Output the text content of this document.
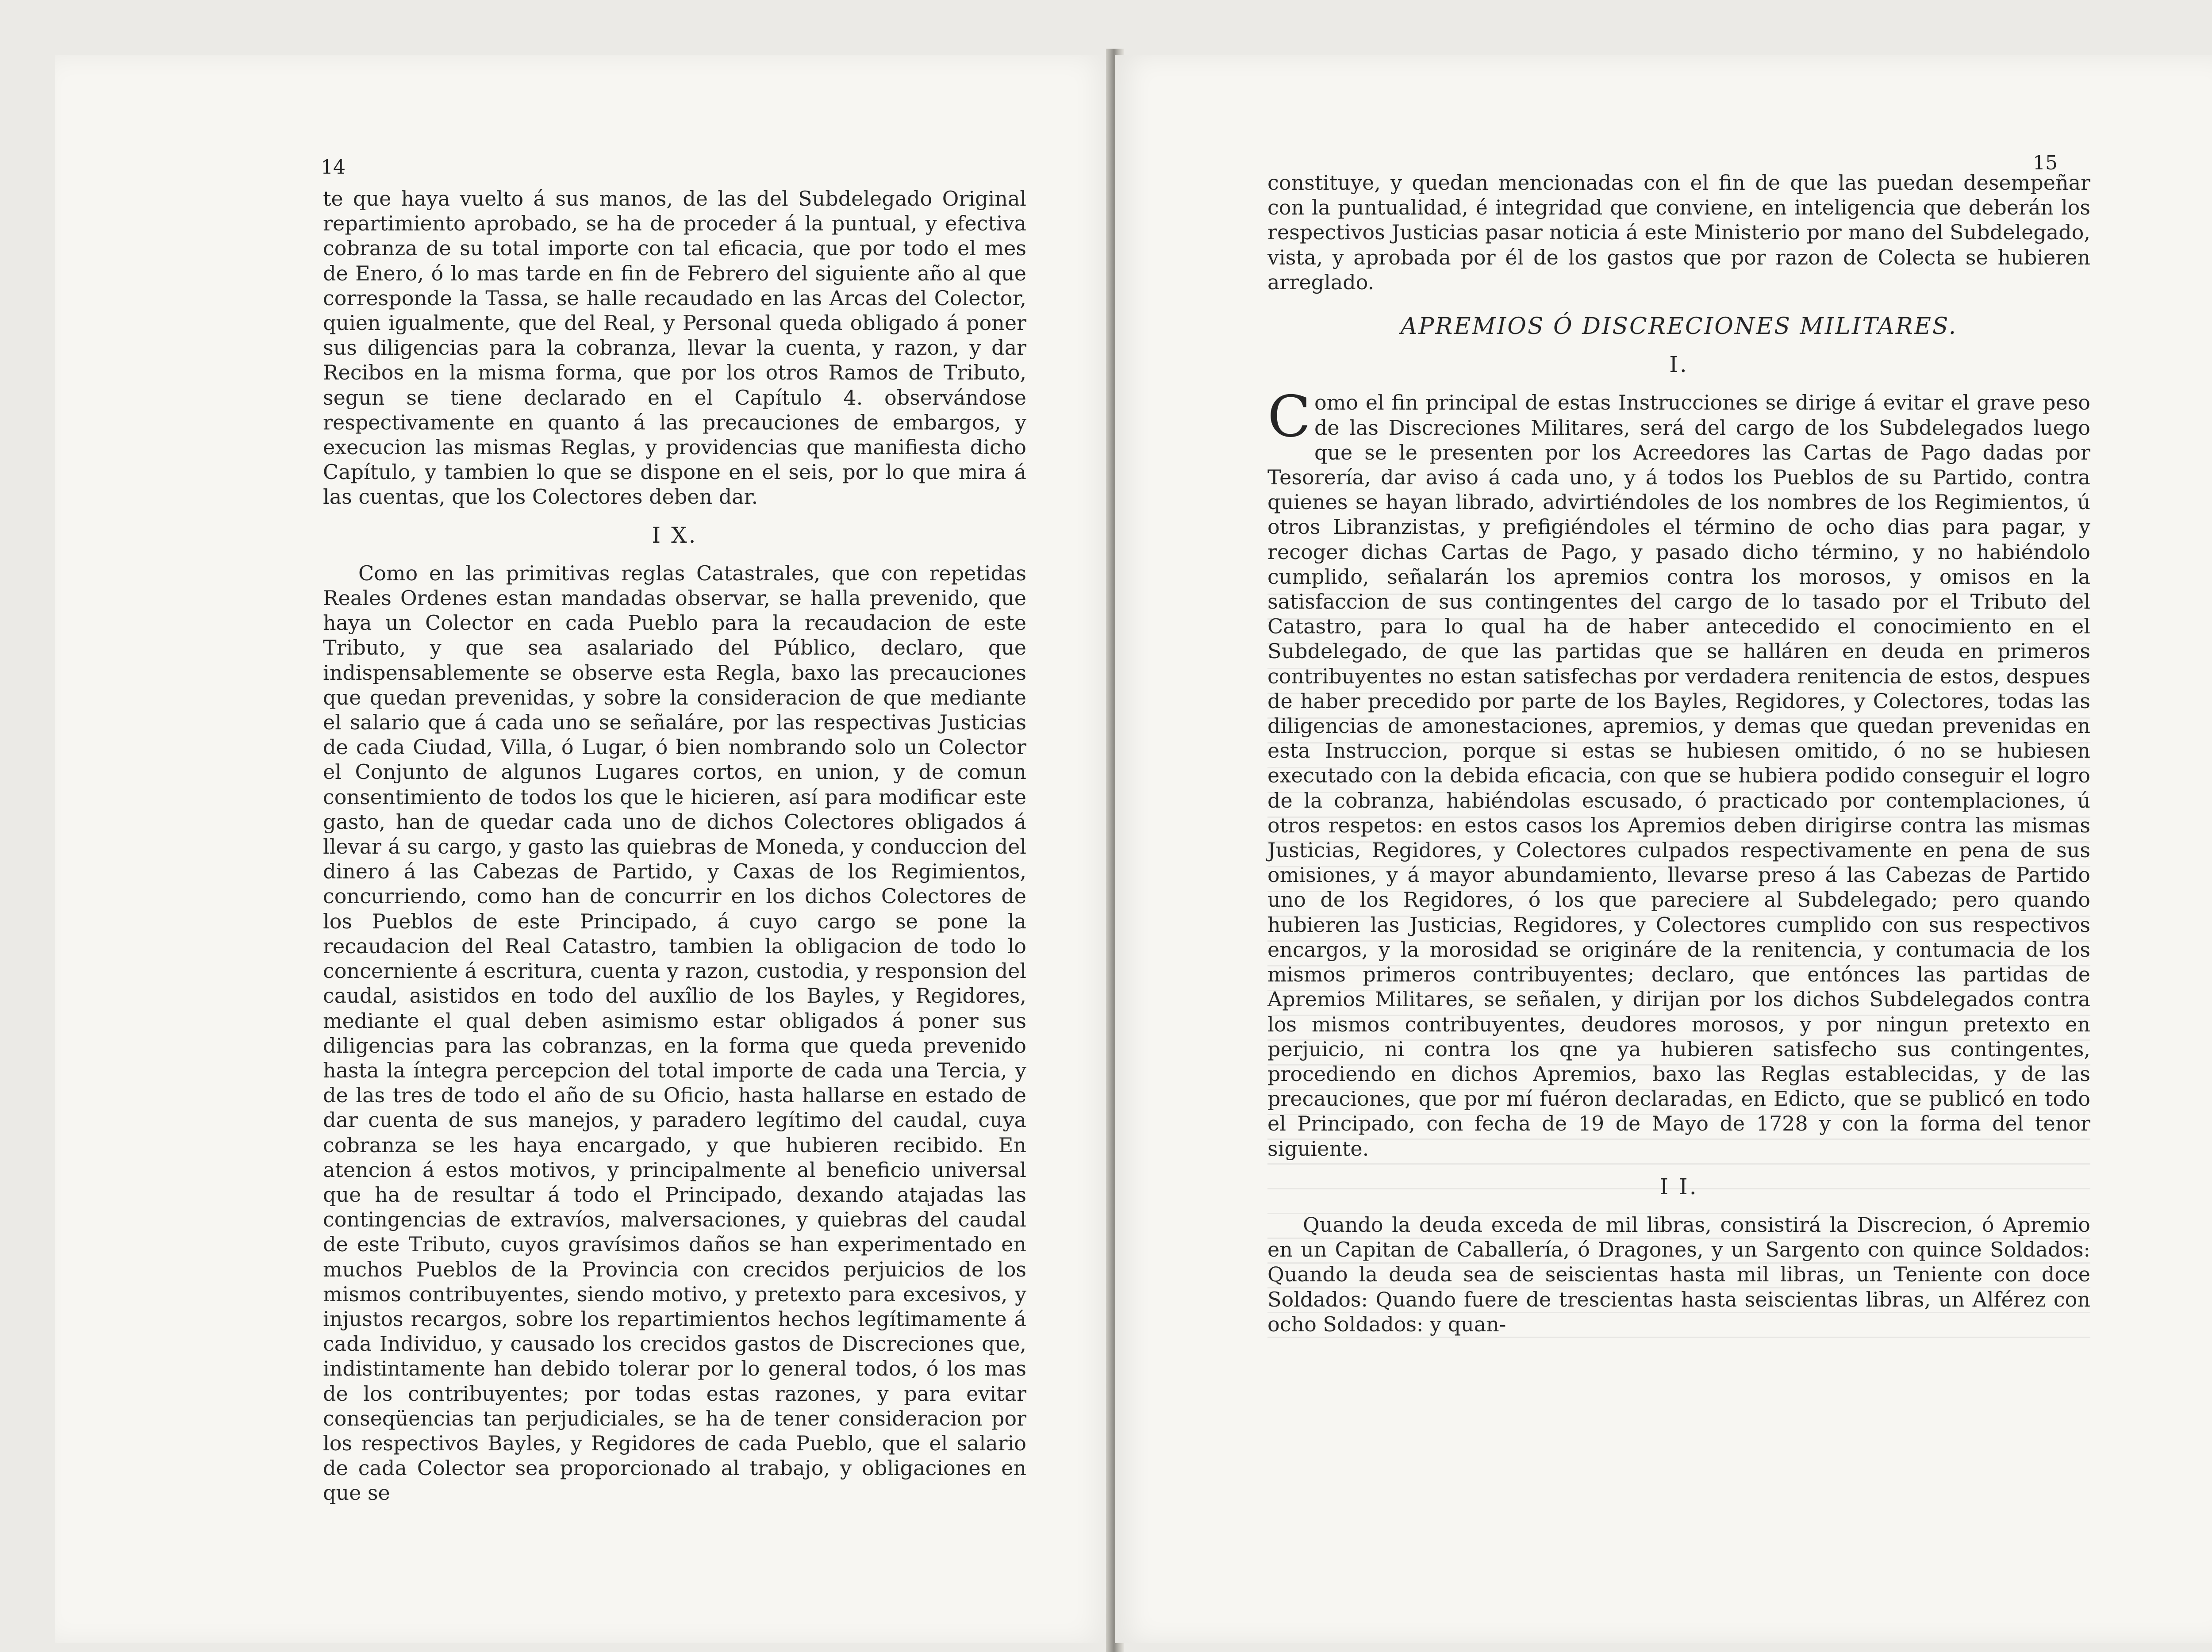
14

te que haya vuelto á sus manos, de las del Subdelegado Original repartimiento aprobado, se ha de proceder á la puntual, y efectiva cobranza de su total importe con tal eficacia, que por todo el mes de Enero, ó lo mas tarde en fin de Febrero del siguiente año al que corresponde la Tassa, se halle recaudado en las Arcas del Colector, quien igualmente, que del Real, y Personal queda obligado á poner sus diligencias para la cobranza, llevar la cuenta, y razon, y dar Recibos en la misma forma, que por los otros Ramos de Tributo, segun se tiene declarado en el Capítulo 4. observándose respectivamente en quanto á las precauciones de embargos, y execucion las mismas Reglas, y providencias que manifiesta dicho Capítulo, y tambien lo que se dispone en el seis, por lo que mira á las cuentas, que los Colectores deben dar.

I X.

Como en las primitivas reglas Catastrales, que con repetidas Reales Ordenes estan mandadas observar, se halla prevenido, que haya un Colector en cada Pueblo para la recaudacion de este Tributo, y que sea asalariado del Público, declaro, que indispensablemente se observe esta Regla, baxo las precauciones que quedan prevenidas, y sobre la consideracion de que mediante el salario que á cada uno se señaláre, por las respectivas Justicias de cada Ciudad, Villa, ó Lugar, ó bien nombrando solo un Colector el Conjunto de algunos Lugares cortos, en union, y de comun consentimiento de todos los que le hicieren, así para modificar este gasto, han de quedar cada uno de dichos Colectores obligados á llevar á su cargo, y gasto las quiebras de Moneda, y conduccion del dinero á las Cabezas de Partido, y Caxas de los Regimientos, concurriendo, como han de concurrir en los dichos Colectores de los Pueblos de este Principado, á cuyo cargo se pone la recaudacion del Real Catastro, tambien la obligacion de todo lo concerniente á escritura, cuenta y razon, custodia, y responsion del caudal, asistidos en todo del auxîlio de los Bayles, y Regidores, mediante el qual deben asimismo estar obligados á poner sus diligencias para las cobranzas, en la forma que queda prevenido hasta la íntegra percepcion del total importe de cada una Tercia, y de las tres de todo el año de su Oficio, hasta hallarse en estado de dar cuenta de sus manejos, y paradero legítimo del caudal, cuya cobranza se les haya encargado, y que hubieren recibido. En atencion á estos motivos, y principalmente al beneficio universal que ha de resultar á todo el Principado, dexando atajadas las contingencias de extravíos, malversaciones, y quiebras del caudal de este Tributo, cuyos gravísimos daños se han experimentado en muchos Pueblos de la Provincia con crecidos perjuicios de los mismos contribuyentes, siendo motivo, y pretexto para excesivos, y injustos recargos, sobre los repartimientos hechos legítimamente á cada Individuo, y causado los crecidos gastos de Discreciones que, indistintamente han debido tolerar por lo general todos, ó los mas de los contribuyentes; por todas estas razones, y para evitar conseqüencias tan perjudiciales, se ha de tener consideracion por los respectivos Bayles, y Regidores de cada Pueblo, que el salario de cada Colector sea proporcionado al trabajo, y obligaciones en que se

15

constituye, y quedan mencionadas con el fin de que las puedan desempeñar con la puntualidad, é integridad que conviene, en inteligencia que deberán los respectivos Justicias pasar noticia á este Ministerio por mano del Subdelegado, vista, y aprobada por él de los gastos que por razon de Colecta se hubieren arreglado.

APREMIOS Ó DISCRECIONES MILITARES.
I.
C omo el fin principal de estas Instrucciones se dirige á evitar el grave peso de las Discreciones Militares, será del cargo de los Subdelegados luego que se le presenten por los Acreedores las Cartas de Pago dadas por Tesorería, dar aviso á cada uno, y á todos los Pueblos de su Partido, contra quienes se hayan librado, advirtiéndoles de los nombres de los Regimientos, ú otros Libranzistas, y prefigiéndoles el término de ocho dias para pagar, y recoger dichas Cartas de Pago, y pasado dicho término, y no habiéndolo cumplido, señalarán los apremios contra los morosos, y omisos en la satisfaccion de sus contingentes del cargo de lo tasado por el Tributo del Catastro, para lo qual ha de haber antecedido el conocimiento en el Subdelegado, de que las partidas que se halláren en deuda en primeros contribuyentes no estan satisfechas por verdadera renitencia de estos, despues de haber precedido por parte de los Bayles, Regidores, y Colectores, todas las diligencias de amonestaciones, apremios, y demas que quedan prevenidas en esta Instruccion, porque si estas se hubiesen omitido, ó no se hubiesen executado con la debida eficacia, con que se hubiera podido conseguir el logro de la cobranza, habiéndolas escusado, ó practicado por contemplaciones, ú otros respetos: en estos casos los Apremios deben dirigirse contra las mismas Justicias, Regidores, y Colectores culpados respectivamente en pena de sus omisiones, y á mayor abundamiento, llevarse preso á las Cabezas de Partido uno de los Regidores, ó los que pareciere al Subdelegado; pero quando hubieren las Justicias, Regidores, y Colectores cumplido con sus respectivos encargos, y la morosidad se origináre de la renitencia, y contumacia de los mismos primeros contribuyentes; declaro, que entónces las partidas de Apremios Militares, se señalen, y dirijan por los dichos Subdelegados contra los mismos contribuyentes, deudores morosos, y por ningun pretexto en perjuicio, ni contra los qne ya hubieren satisfecho sus contingentes, procediendo en dichos Apremios, baxo las Reglas establecidas, y de las precauciones, que por mí fuéron declaradas, en Edicto, que se publicó en todo el Principado, con fecha de 19 de Mayo de 1728 y con la forma del tenor siguiente.

I I.

Quando la deuda exceda de mil libras, consistirá la Discrecion, ó Apremio en un Capitan de Caballería, ó Dragones, y un Sargento con quince Soldados: Quando la deuda sea de seiscientas hasta mil libras, un Teniente con doce Soldados: Quando fuere de trescientas hasta seiscientas libras, un Alférez con ocho Soldados: y quan-
